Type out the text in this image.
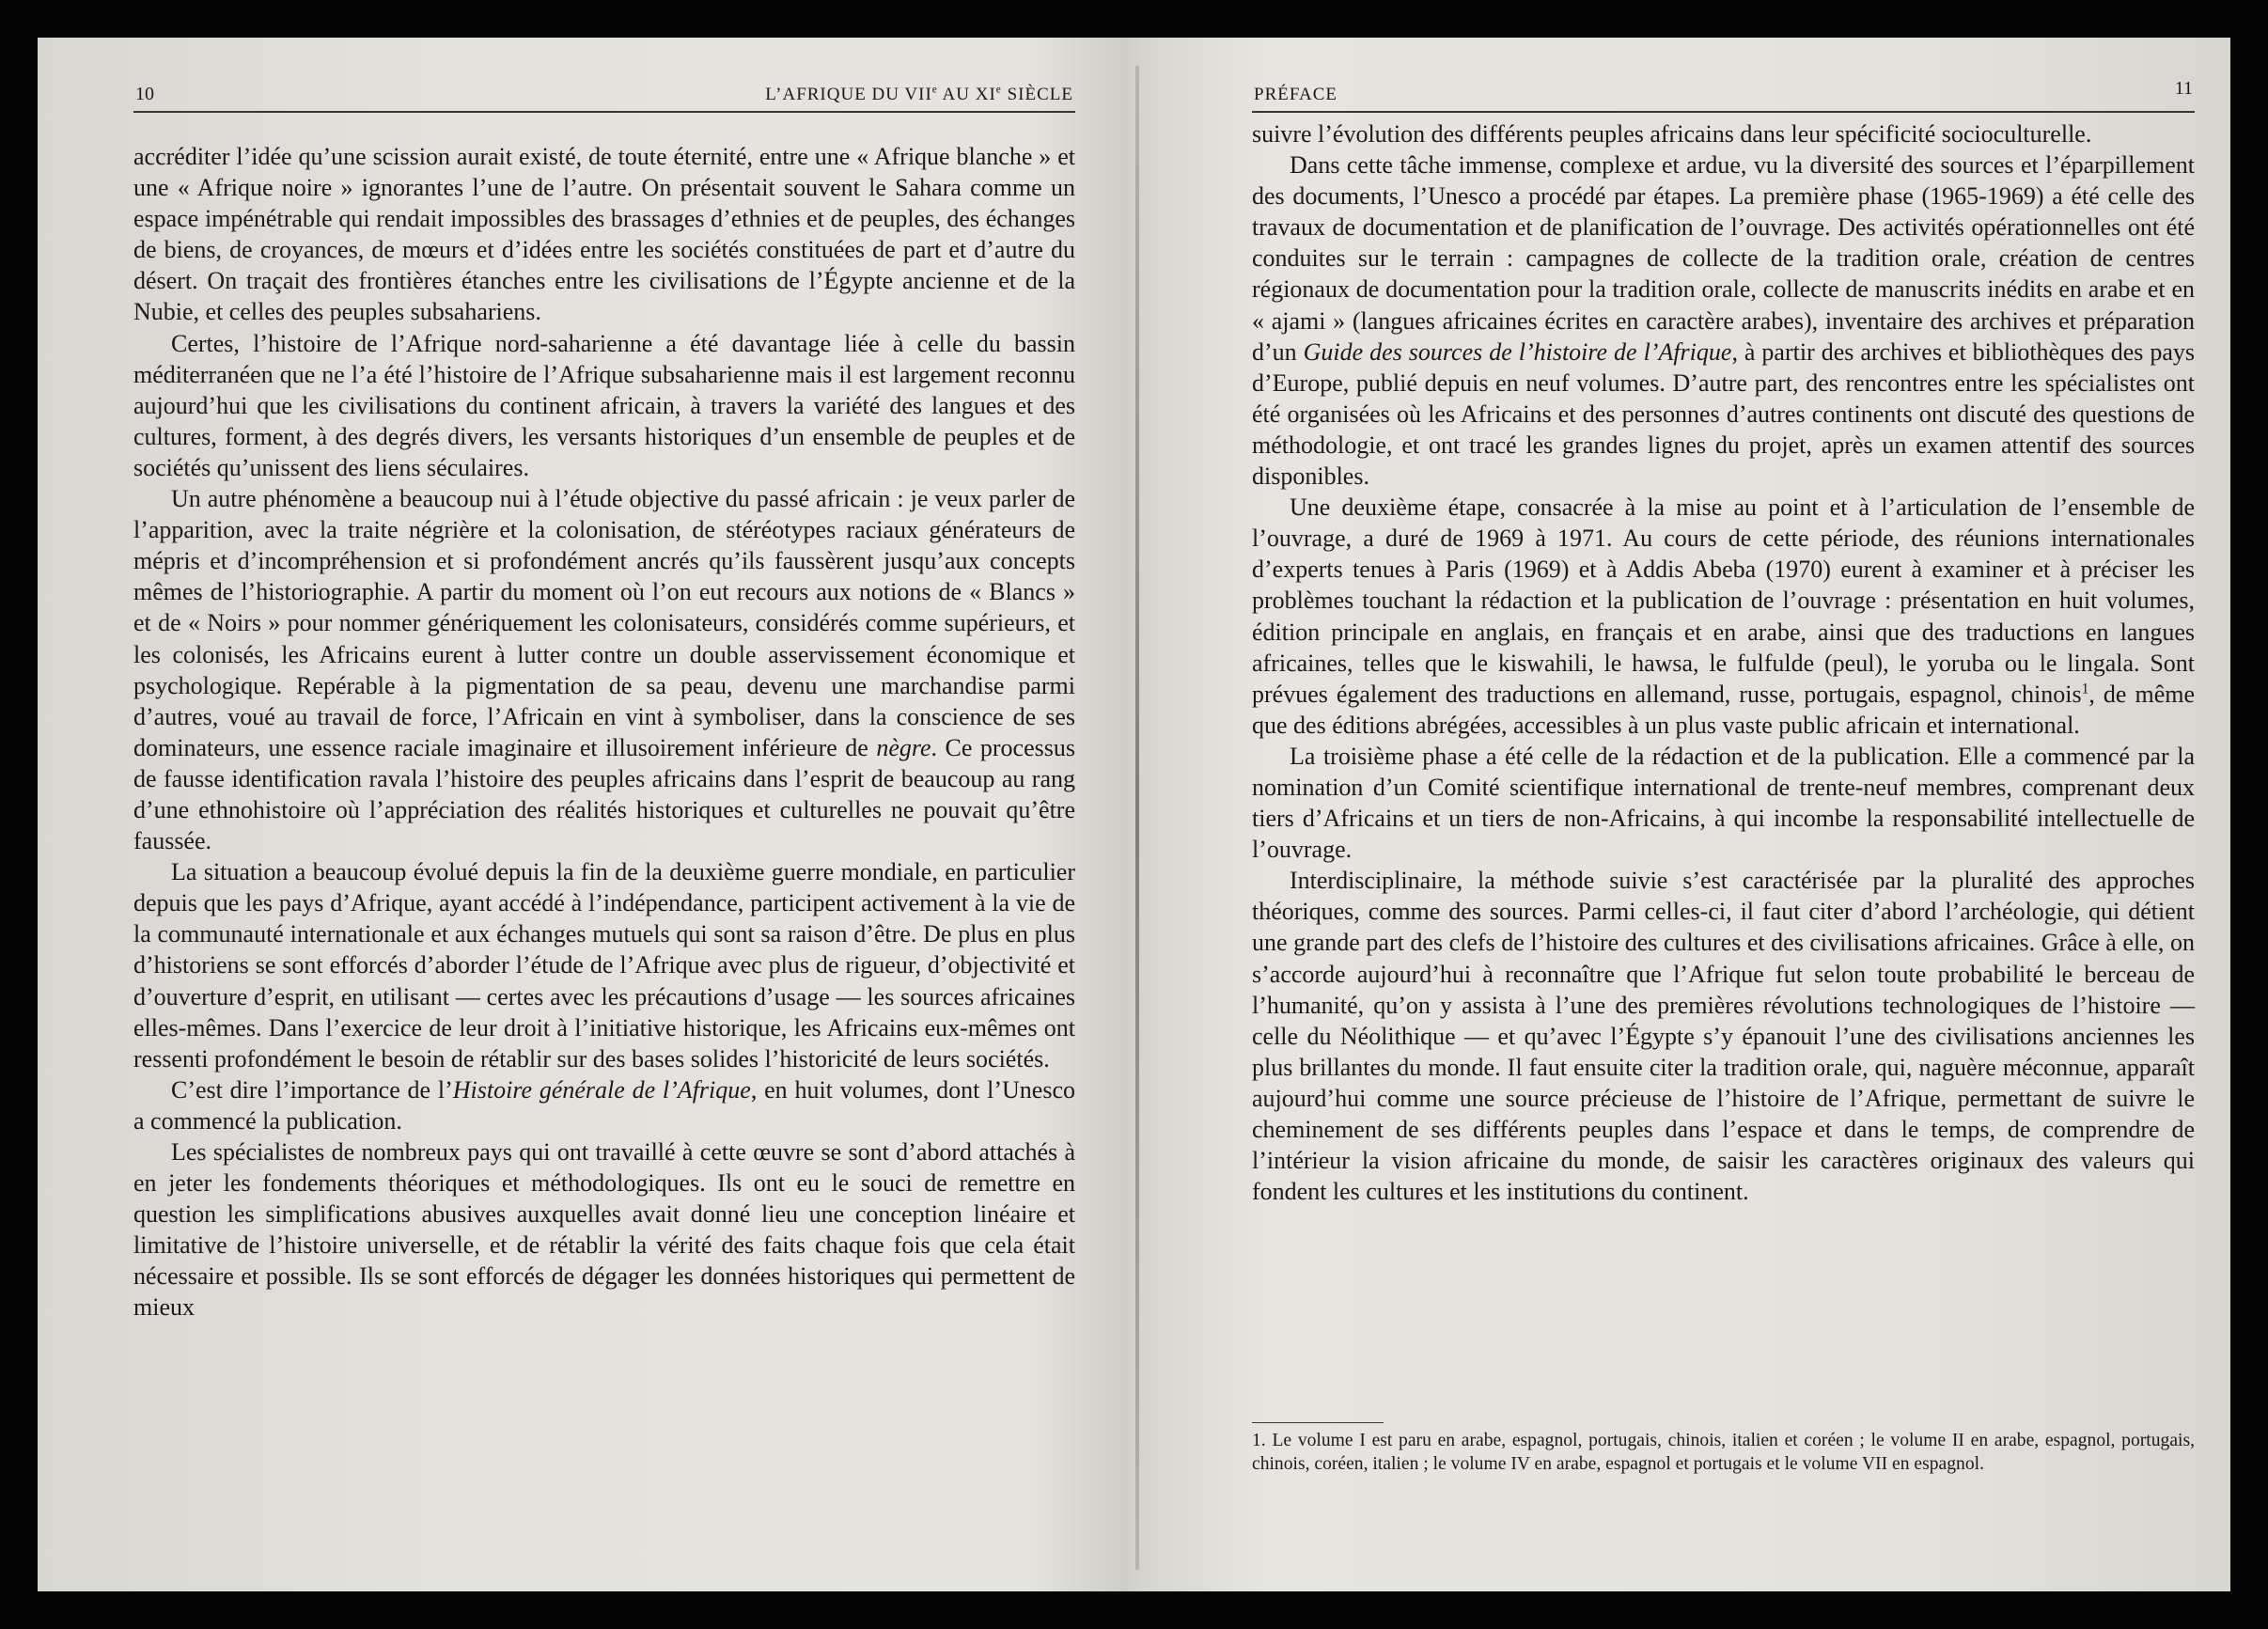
10	L’AFRIQUE DU VIIe AU XIe SIÈCLE

accréditer l’idée qu’une scission aurait existé, de toute éternité, entre une « Afrique blanche » et une « Afrique noire » ignorantes l’une de l’autre. On présentait souvent le Sahara comme un espace impénétrable qui rendait impossibles des brassages d’ethnies et de peuples, des échanges de biens, de croyances, de mœurs et d’idées entre les sociétés constituées de part et d’autre du désert. On traçait des frontières étanches entre les civilisations de l’Égypte ancienne et de la Nubie, et celles des peuples subsahariens.

Certes, l’histoire de l’Afrique nord-saharienne a été davantage liée à celle du bassin méditerranéen que ne l’a été l’histoire de l’Afrique subsaharienne mais il est largement reconnu aujourd’hui que les civilisations du continent africain, à travers la variété des langues et des cultures, forment, à des degrés divers, les versants historiques d’un ensemble de peuples et de sociétés qu’unissent des liens séculaires.

Un autre phénomène a beaucoup nui à l’étude objective du passé africain : je veux parler de l’apparition, avec la traite négrière et la colonisation, de stéréotypes raciaux générateurs de mépris et d’incompréhension et si profondément ancrés qu’ils faussèrent jusqu’aux concepts mêmes de l’historiographie. A partir du moment où l’on eut recours aux notions de « Blancs » et de « Noirs » pour nommer génériquement les colonisateurs, considérés comme supérieurs, et les colonisés, les Africains eurent à lutter contre un double asservissement économique et psychologique. Repérable à la pigmentation de sa peau, devenu une marchandise parmi d’autres, voué au travail de force, l’Africain en vint à symboliser, dans la conscience de ses dominateurs, une essence raciale imaginaire et illusoirement inférieure de nègre. Ce processus de fausse identification ravala l’histoire des peuples africains dans l’esprit de beaucoup au rang d’une ethnohistoire où l’appréciation des réalités historiques et culturelles ne pouvait qu’être faussée.

La situation a beaucoup évolué depuis la fin de la deuxième guerre mondiale, en particulier depuis que les pays d’Afrique, ayant accédé à l’indépendance, participent activement à la vie de la communauté internationale et aux échanges mutuels qui sont sa raison d’être. De plus en plus d’historiens se sont efforcés d’aborder l’étude de l’Afrique avec plus de rigueur, d’objectivité et d’ouverture d’esprit, en utilisant — certes avec les précautions d’usage — les sources africaines elles-mêmes. Dans l’exercice de leur droit à l’initiative historique, les Africains eux-mêmes ont ressenti profondément le besoin de rétablir sur des bases solides l’historicité de leurs sociétés.

C’est dire l’importance de l’Histoire générale de l’Afrique, en huit volumes, dont l’Unesco a commencé la publication.

Les spécialistes de nombreux pays qui ont travaillé à cette œuvre se sont d’abord attachés à en jeter les fondements théoriques et méthodologiques. Ils ont eu le souci de remettre en question les simplifications abusives auxquelles avait donné lieu une conception linéaire et limitative de l’histoire universelle, et de rétablir la vérité des faits chaque fois que cela était nécessaire et possible. Ils se sont efforcés de dégager les données historiques qui permettent de mieux

PRÉFACE	11

suivre l’évolution des différents peuples africains dans leur spécificité socioculturelle.

Dans cette tâche immense, complexe et ardue, vu la diversité des sources et l’éparpillement des documents, l’Unesco a procédé par étapes. La première phase (1965-1969) a été celle des travaux de documentation et de planification de l’ouvrage. Des activités opérationnelles ont été conduites sur le terrain : campagnes de collecte de la tradition orale, création de centres régionaux de documentation pour la tradition orale, collecte de manuscrits inédits en arabe et en « ajami » (langues africaines écrites en caractère arabes), inventaire des archives et préparation d’un Guide des sources de l’histoire de l’Afrique, à partir des archives et bibliothèques des pays d’Europe, publié depuis en neuf volumes. D’autre part, des rencontres entre les spécialistes ont été organisées où les Africains et des personnes d’autres continents ont discuté des questions de méthodologie, et ont tracé les grandes lignes du projet, après un examen attentif des sources disponibles.

Une deuxième étape, consacrée à la mise au point et à l’articulation de l’ensemble de l’ouvrage, a duré de 1969 à 1971. Au cours de cette période, des réunions internationales d’experts tenues à Paris (1969) et à Addis Abeba (1970) eurent à examiner et à préciser les problèmes touchant la rédaction et la publication de l’ouvrage : présentation en huit volumes, édition principale en anglais, en français et en arabe, ainsi que des traductions en langues africaines, telles que le kiswahili, le hawsa, le fulfulde (peul), le yoruba ou le lingala. Sont prévues également des traductions en allemand, russe, portugais, espagnol, chinois$^1$, de même que des éditions abrégées, accessibles à un plus vaste public africain et international.

La troisième phase a été celle de la rédaction et de la publication. Elle a commencé par la nomination d’un Comité scientifique international de trente-neuf membres, comprenant deux tiers d’Africains et un tiers de non-Africains, à qui incombe la responsabilité intellectuelle de l’ouvrage.

Interdisciplinaire, la méthode suivie s’est caractérisée par la pluralité des approches théoriques, comme des sources. Parmi celles-ci, il faut citer d’abord l’archéologie, qui détient une grande part des clefs de l’histoire des cultures et des civilisations africaines. Grâce à elle, on s’accorde aujourd’hui à reconnaître que l’Afrique fut selon toute probabilité le berceau de l’humanité, qu’on y assista à l’une des premières révolutions technologiques de l’histoire — celle du Néolithique — et qu’avec l’Égypte s’y épanouit l’une des civilisations anciennes les plus brillantes du monde. Il faut ensuite citer la tradition orale, qui, naguère méconnue, apparaît aujourd’hui comme une source précieuse de l’histoire de l’Afrique, permettant de suivre le cheminement de ses différents peuples dans l’espace et dans le temps, de comprendre de l’intérieur la vision africaine du monde, de saisir les caractères originaux des valeurs qui fondent les cultures et les institutions du continent.

1. Le volume I est paru en arabe, espagnol, portugais, chinois, italien et coréen ; le volume II en arabe, espagnol, portugais, chinois, coréen, italien ; le volume IV en arabe, espagnol et portugais et le volume VII en espagnol.
